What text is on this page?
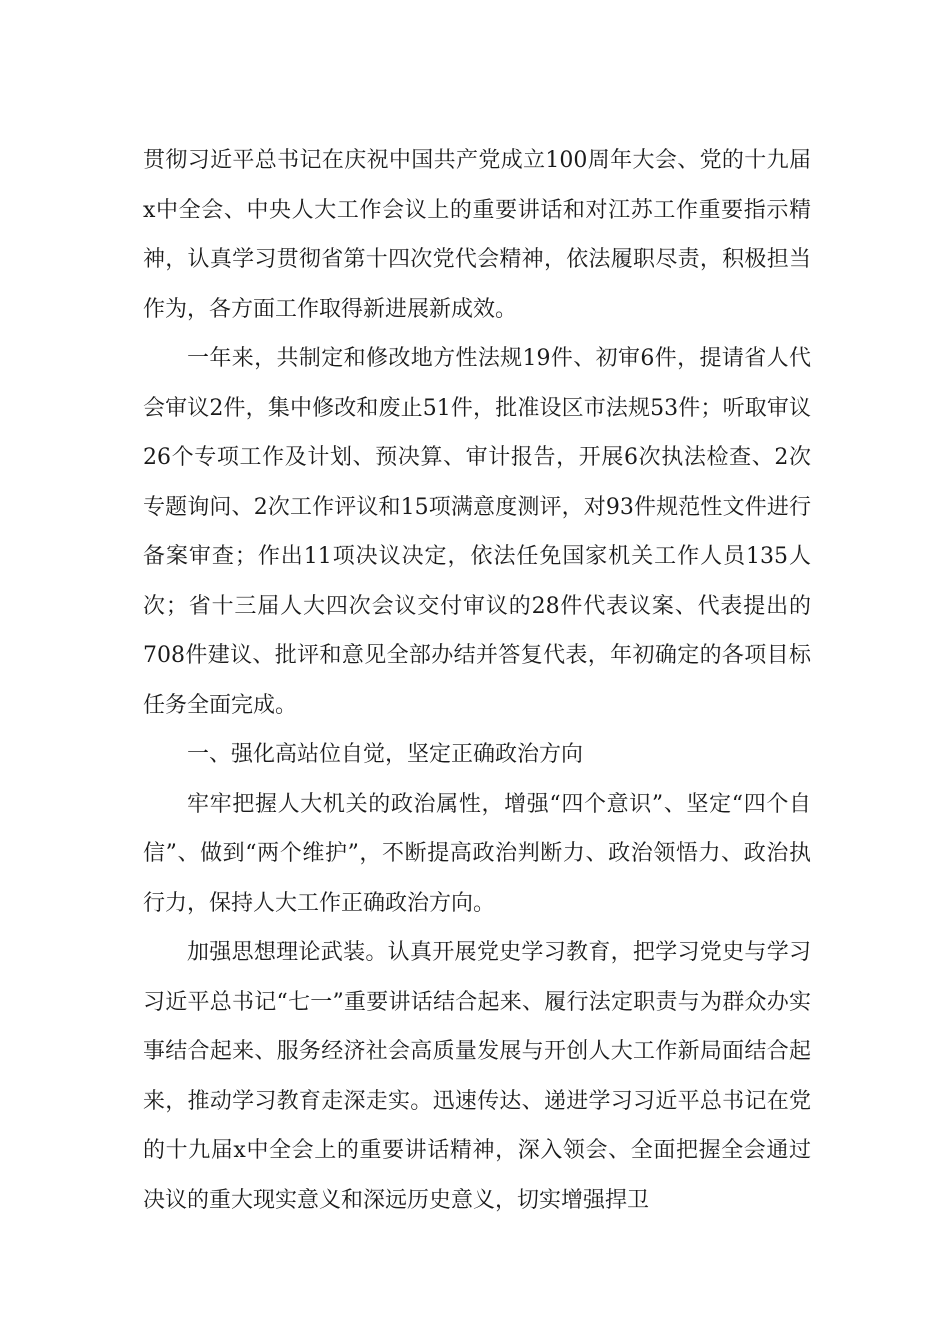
贯彻习近平总书记在庆祝中国共产党成立100周年大会、党的十九届x中全会、中央人大工作会议上的重要讲话和对江苏工作重要指示精神，认真学习贯彻省第十四次党代会精神，依法履职尽责，积极担当作为，各方面工作取得新进展新成效。

一年来，共制定和修改地方性法规19件、初审6件，提请省人代会审议2件，集中修改和废止51件，批准设区市法规53件；听取审议26个专项工作及计划、预决算、审计报告，开展6次执法检查、2次专题询问、2次工作评议和15项满意度测评，对93件规范性文件进行备案审查；作出11项决议决定，依法任免国家机关工作人员135人次；省十三届人大四次会议交付审议的28件代表议案、代表提出的708件建议、批评和意见全部办结并答复代表，年初确定的各项目标任务全面完成。

一、强化高站位自觉，坚定正确政治方向

牢牢把握人大机关的政治属性，增强“四个意识”、坚定“四个自信”、做到“两个维护”，不断提高政治判断力、政治领悟力、政治执行力，保持人大工作正确政治方向。

加强思想理论武装。认真开展党史学习教育，把学习党史与学习习近平总书记“七一”重要讲话结合起来、履行法定职责与为群众办实事结合起来、服务经济社会高质量发展与开创人大工作新局面结合起来，推动学习教育走深走实。迅速传达、递进学习习近平总书记在党的十九届x中全会上的重要讲话精神，深入领会、全面把握全会通过决议的重大现实意义和深远历史意义，切实增强捍卫
